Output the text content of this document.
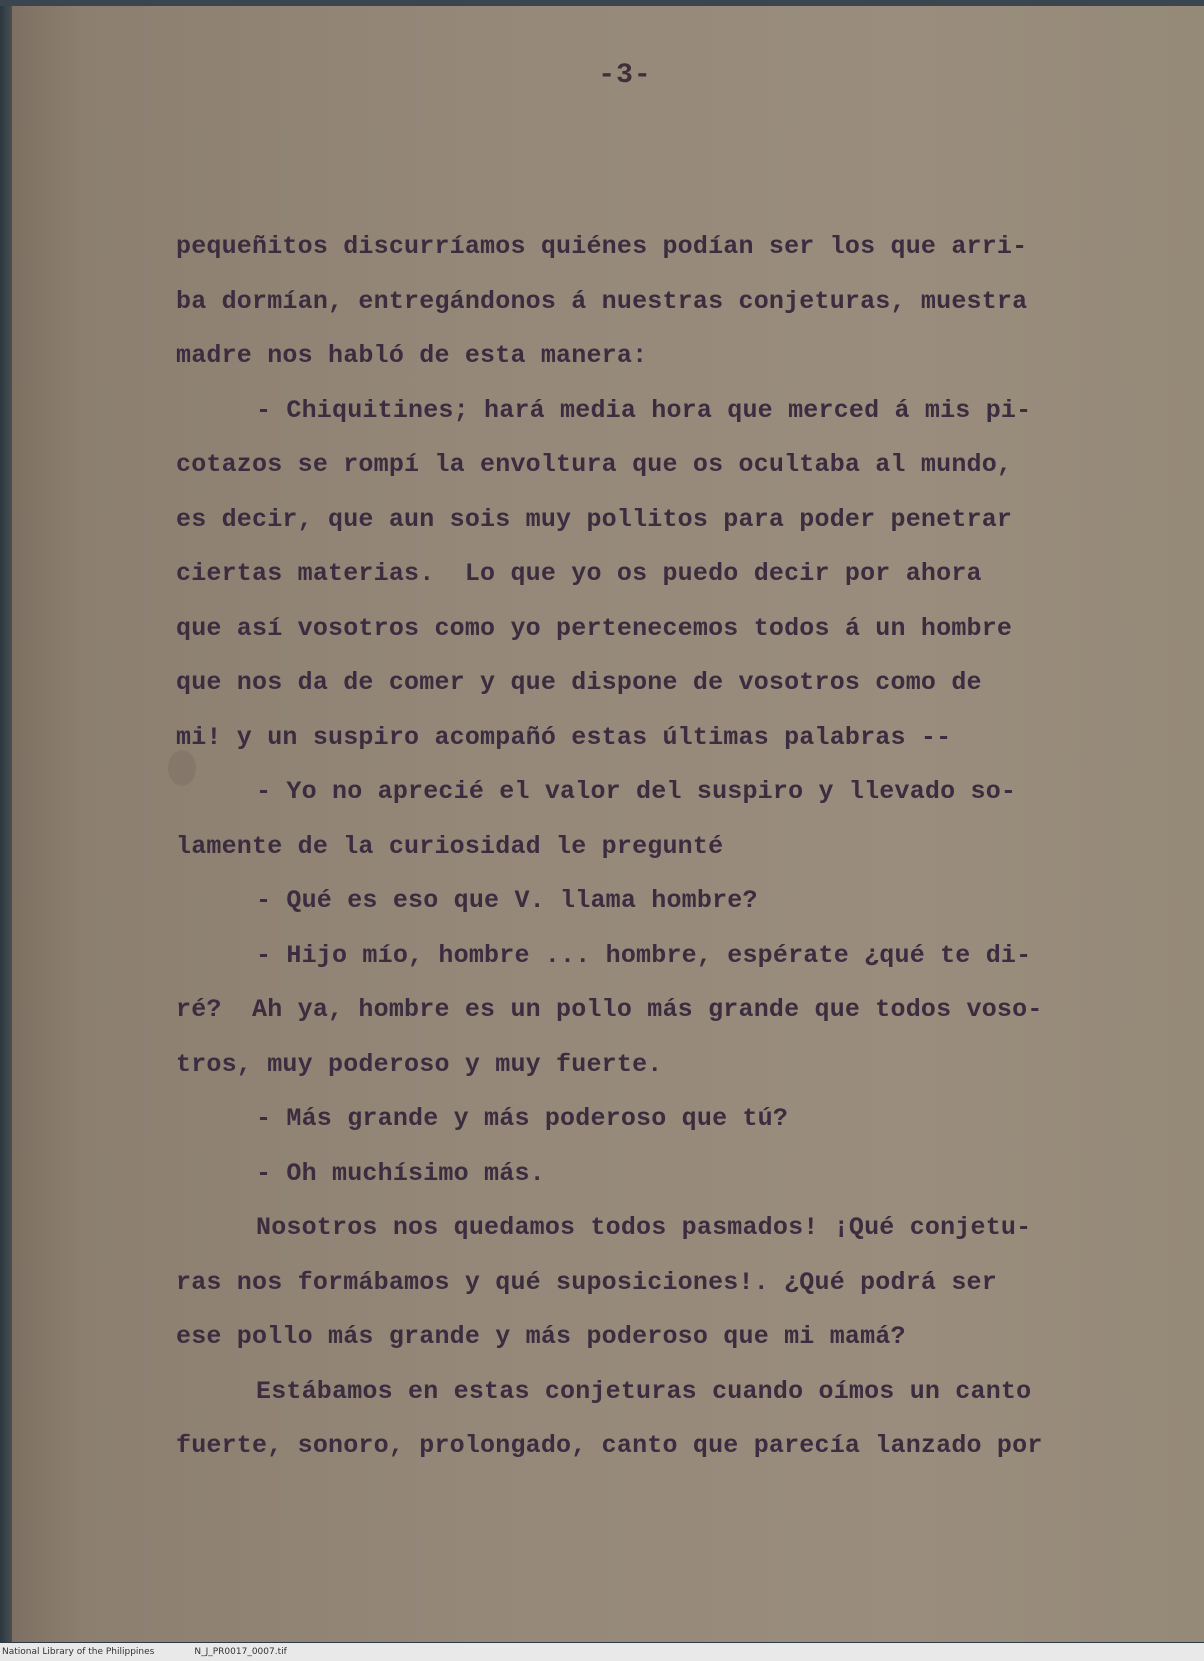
-3-
pequeñitos discurríamos quiénes podían ser los que arri-
ba dormían, entregándonos á nuestras conjeturas, muestra
madre nos habló de esta manera:
- Chiquitines; hará media hora que merced á mis pi-
cotazos se rompí la envoltura que os ocultaba al mundo,
es decir, que aun sois muy pollitos para poder penetrar
ciertas materias.  Lo que yo os puedo decir por ahora
que así vosotros como yo pertenecemos todos á un hombre
que nos da de comer y que dispone de vosotros como de
mi! y un suspiro acompañó estas últimas palabras --
- Yo no aprecié el valor del suspiro y llevado so-
lamente de la curiosidad le pregunté
- Qué es eso que V. llama hombre?
- Hijo mío, hombre ... hombre, espérate ¿qué te di-
ré?  Ah ya, hombre es un pollo más grande que todos voso-
tros, muy poderoso y muy fuerte.
- Más grande y más poderoso que tú?
- Oh muchísimo más.
Nosotros nos quedamos todos pasmados! ¡Qué conjetu-
ras nos formábamos y qué suposiciones!. ¿Qué podrá ser
ese pollo más grande y más poderoso que mi mamá?
Estábamos en estas conjeturas cuando oímos un canto
fuerte, sonoro, prolongado, canto que parecía lanzado por
National Library of the Philippines	N_J_PR0017_0007.tif
